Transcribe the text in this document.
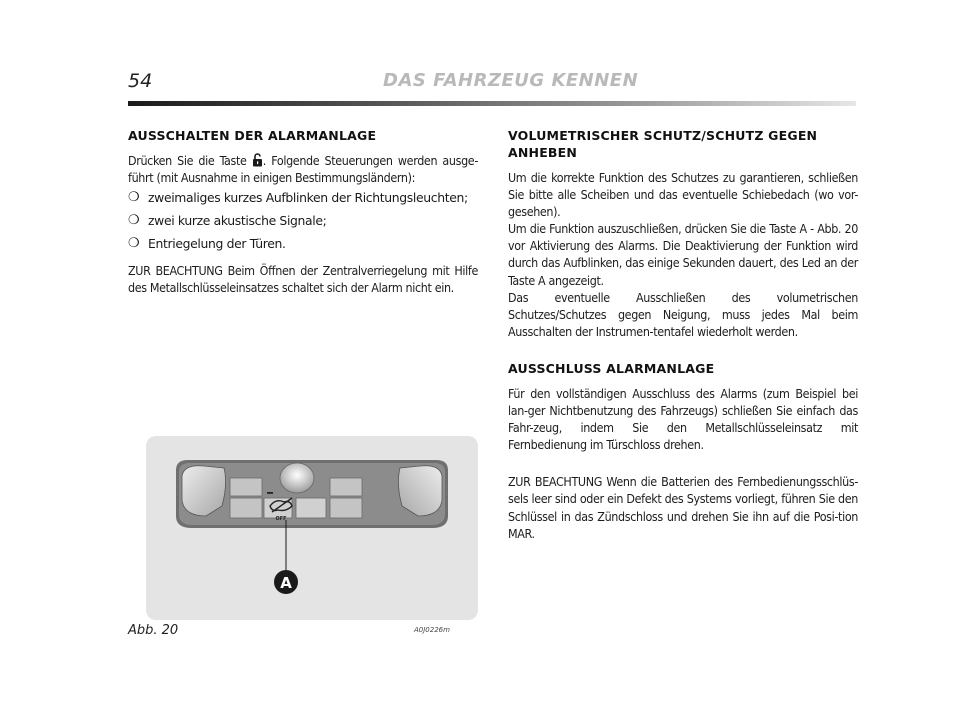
54	DAS FAHRZEUG KENNEN
AUSSCHALTEN DER ALARMANLAGE

Drücken Sie die Taste . Folgende Steuerungen werden ausge-führt (mit Ausnahme in einigen Bestimmungsländern):

❍ zweimaliges kurzes Aufblinken der Richtungsleuchten;
❍ zwei kurze akustische Signale;
❍ Entriegelung der Türen.

ZUR BEACHTUNG Beim Öffnen der Zentralverriegelung mit Hilfe des Metallschlüsseleinsatzes schaltet sich der Alarm nicht ein.

VOLUMETRISCHER SCHUTZ/SCHUTZ GEGEN ANHEBEN

Um die korrekte Funktion des Schutzes zu garantieren, schließen Sie bitte alle Scheiben und das eventuelle Schiebedach (wo vor-gesehen).

Um die Funktion auszuschließen, drücken Sie die Taste A - Abb. 20 vor Aktivierung des Alarms. Die Deaktivierung der Funktion wird durch das Aufblinken, das einige Sekunden dauert, des Led an der Taste A angezeigt.

Das eventuelle Ausschließen des volumetrischen Schutzes/Schutzes gegen Neigung, muss jedes Mal beim Ausschalten der Instrumen-tentafel wiederholt werden.

AUSSCHLUSS ALARMANLAGE

Für den vollständigen Ausschluss des Alarms (zum Beispiel bei lan-ger Nichtbenutzung des Fahrzeugs) schließen Sie einfach das Fahr-zeug, indem Sie den Metallschlüsseleinsatz mit Fernbedienung im Türschloss drehen.

ZUR BEACHTUNG Wenn die Batterien des Fernbedienungsschlüs-sels leer sind oder ein Defekt des Systems vorliegt, führen Sie den Schlüssel in das Zündschloss und drehen Sie ihn auf die Posi-tion MAR.

OFF
A
Abb. 20	A0J0226m
